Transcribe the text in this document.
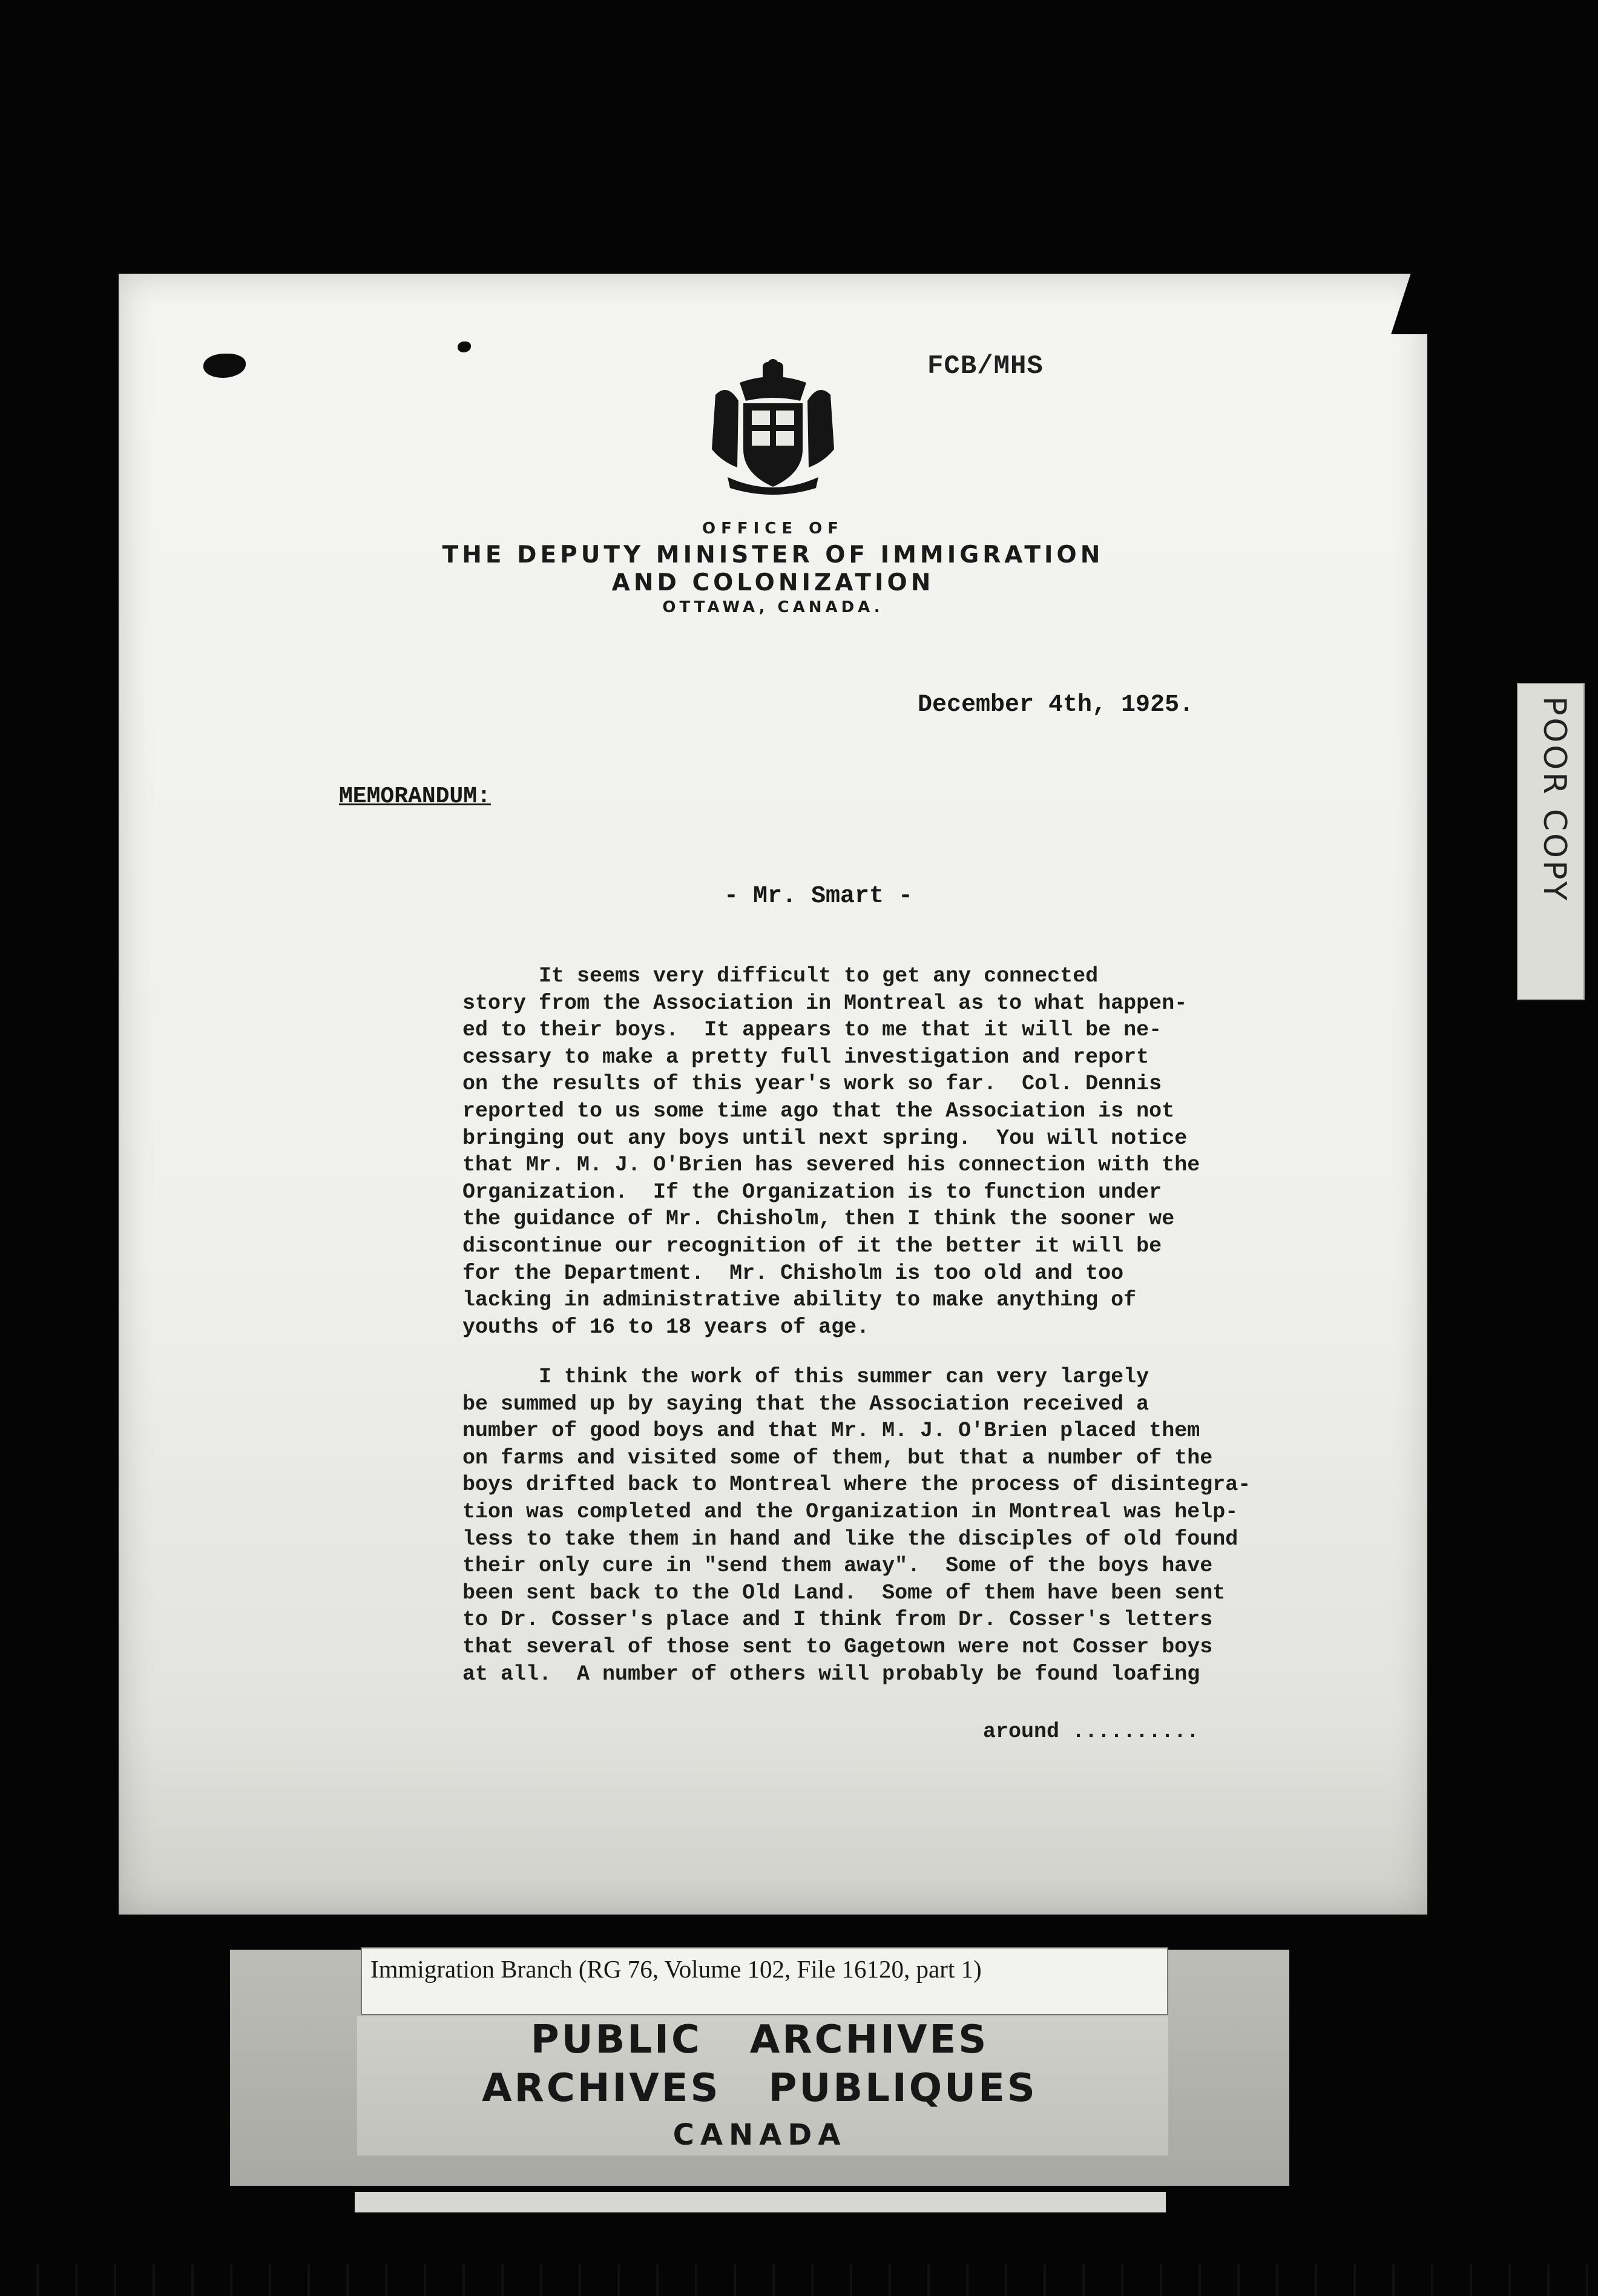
FCB/MHS
OFFICE OF
THE DEPUTY MINISTER OF IMMIGRATION
AND COLONIZATION
OTTAWA, CANADA.
December 4th, 1925.
MEMORANDUM:
- Mr. Smart -
It seems very difficult to get any connected
story from the Association in Montreal as to what happen-
ed to their boys.  It appears to me that it will be ne-
cessary to make a pretty full investigation and report
on the results of this year's work so far.  Col. Dennis
reported to us some time ago that the Association is not
bringing out any boys until next spring.  You will notice
that Mr. M. J. O'Brien has severed his connection with the
Organization.  If the Organization is to function under
the guidance of Mr. Chisholm, then I think the sooner we
discontinue our recognition of it the better it will be
for the Department.  Mr. Chisholm is too old and too
lacking in administrative ability to make anything of
youths of 16 to 18 years of age.
I think the work of this summer can very largely
be summed up by saying that the Association received a
number of good boys and that Mr. M. J. O'Brien placed them
on farms and visited some of them, but that a number of the
boys drifted back to Montreal where the process of disintegra-
tion was completed and the Organization in Montreal was help-
less to take them in hand and like the disciples of old found
their only cure in "send them away".  Some of the boys have
been sent back to the Old Land.  Some of them have been sent
to Dr. Cosser's place and I think from Dr. Cosser's letters
that several of those sent to Gagetown were not Cosser boys
at all.  A number of others will probably be found loafing
around ..........
POOR COPY
Immigration Branch (RG 76, Volume 102, File 16120, part 1)
PUBLIC   ARCHIVES
ARCHIVES   PUBLIQUES
CANADA
